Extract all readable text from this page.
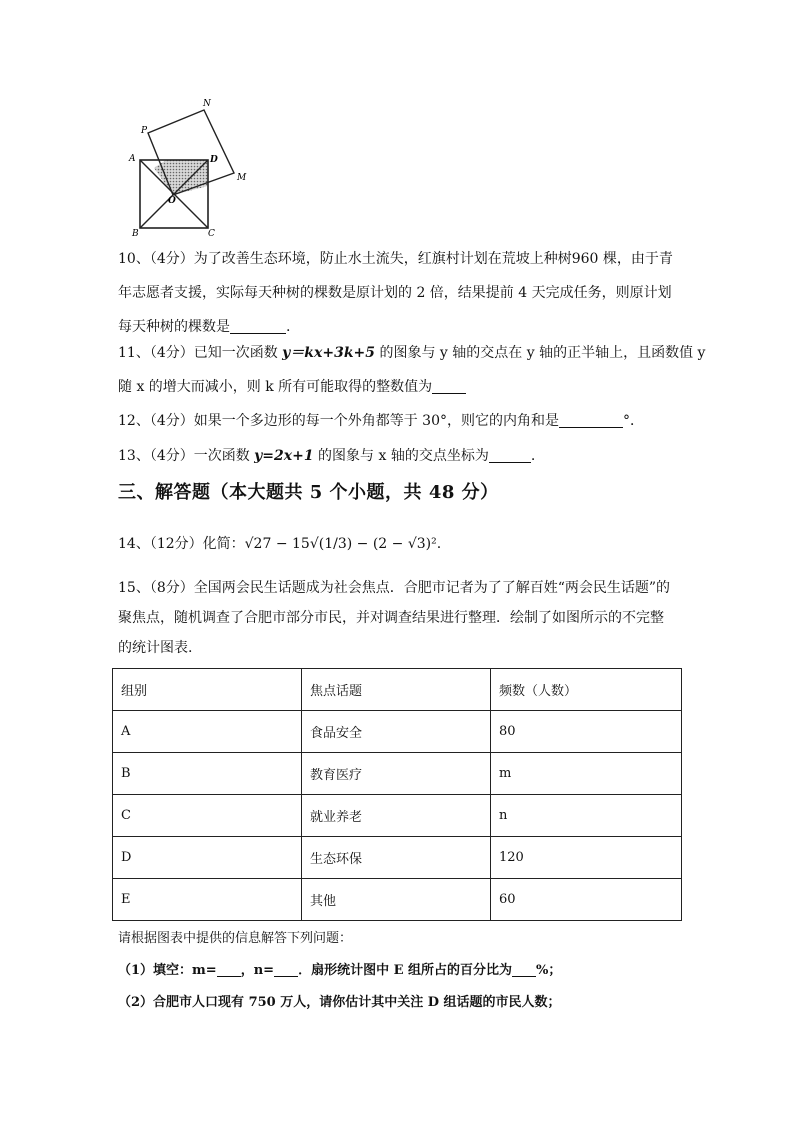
N
P
A	D
M
O
B	C
10、（4分）为了改善生态环境，防止水土流失，红旗村计划在荒坡上种树960 棵，由于青
年志愿者支援，实际每天种树的棵数是原计划的 2 倍，结果提前 4 天完成任务，则原计划
每天种树的棵数是	.
11、（4分）已知一次函数 y＝kx+3k+5 的图象与 y 轴的交点在 y 轴的正半轴上，且函数值 y
随 x 的增大而减小，则 k 所有可能取得的整数值为
12、（4分）如果一个多边形的每一个外角都等于 30°，则它的内角和是	°．
13、（4分）一次函数 y=2x+1 的图象与 x 轴的交点坐标为	.
三、解答题（本大题共 5 个小题，共 48 分）
14、（12分）化简：√27 − 15√(1/3) − (2 − √3)².
15、（8分）全国两会民生话题成为社会焦点．合肥市记者为了了解百姓“两会民生话题”的
聚焦点，随机调查了合肥市部分市民，并对调查结果进行整理．绘制了如图所示的不完整
的统计图表.
组别	焦点话题	频数（人数）
A	食品安全	80
B	教育医疗	m
C	就业养老	n
D	生态环保	120
E	其他	60
请根据图表中提供的信息解答下列问题：
（1）填空：m= ，n= ．扇形统计图中 E 组所占的百分比为 %；
（2）合肥市人口现有 750 万人，请你估计其中关注 D 组话题的市民人数；
